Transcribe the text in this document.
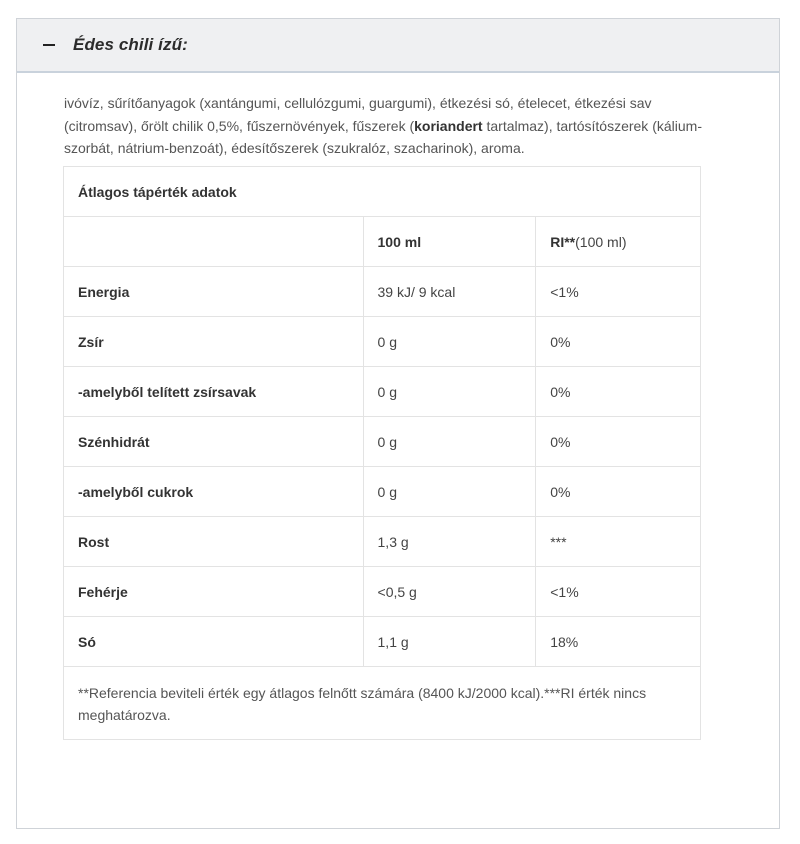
Édes chili ízű:
ivóvíz, sűrítőanyagok (xantángumi, cellulózgumi, guargumi), étkezési só, ételecet, étkezési sav (citromsav), őrölt chilik 0,5%, fűszernövények, fűszerek (koriandert tartalmaz), tartósítószerek (kálium-szorbát, nátrium-benzoát), édesítőszerek (szukralóz, szacharinok), aroma.
Átlagos tápérték adatok		
	100 ml	RI**(100 ml)
Energia	39 kJ/ 9 kcal	<1%
Zsír	0 g	0%
-amelyből telített zsírsavak	0 g	0%
Szénhidrát	0 g	0%
-amelyből cukrok	0 g	0%
Rost	1,3 g	***
Fehérje	<0,5 g	<1%
Só	1,1 g	18%
**Referencia beviteli érték egy átlagos felnőtt számára (8400 kJ/2000 kcal).***RI érték nincs meghatározva.		
